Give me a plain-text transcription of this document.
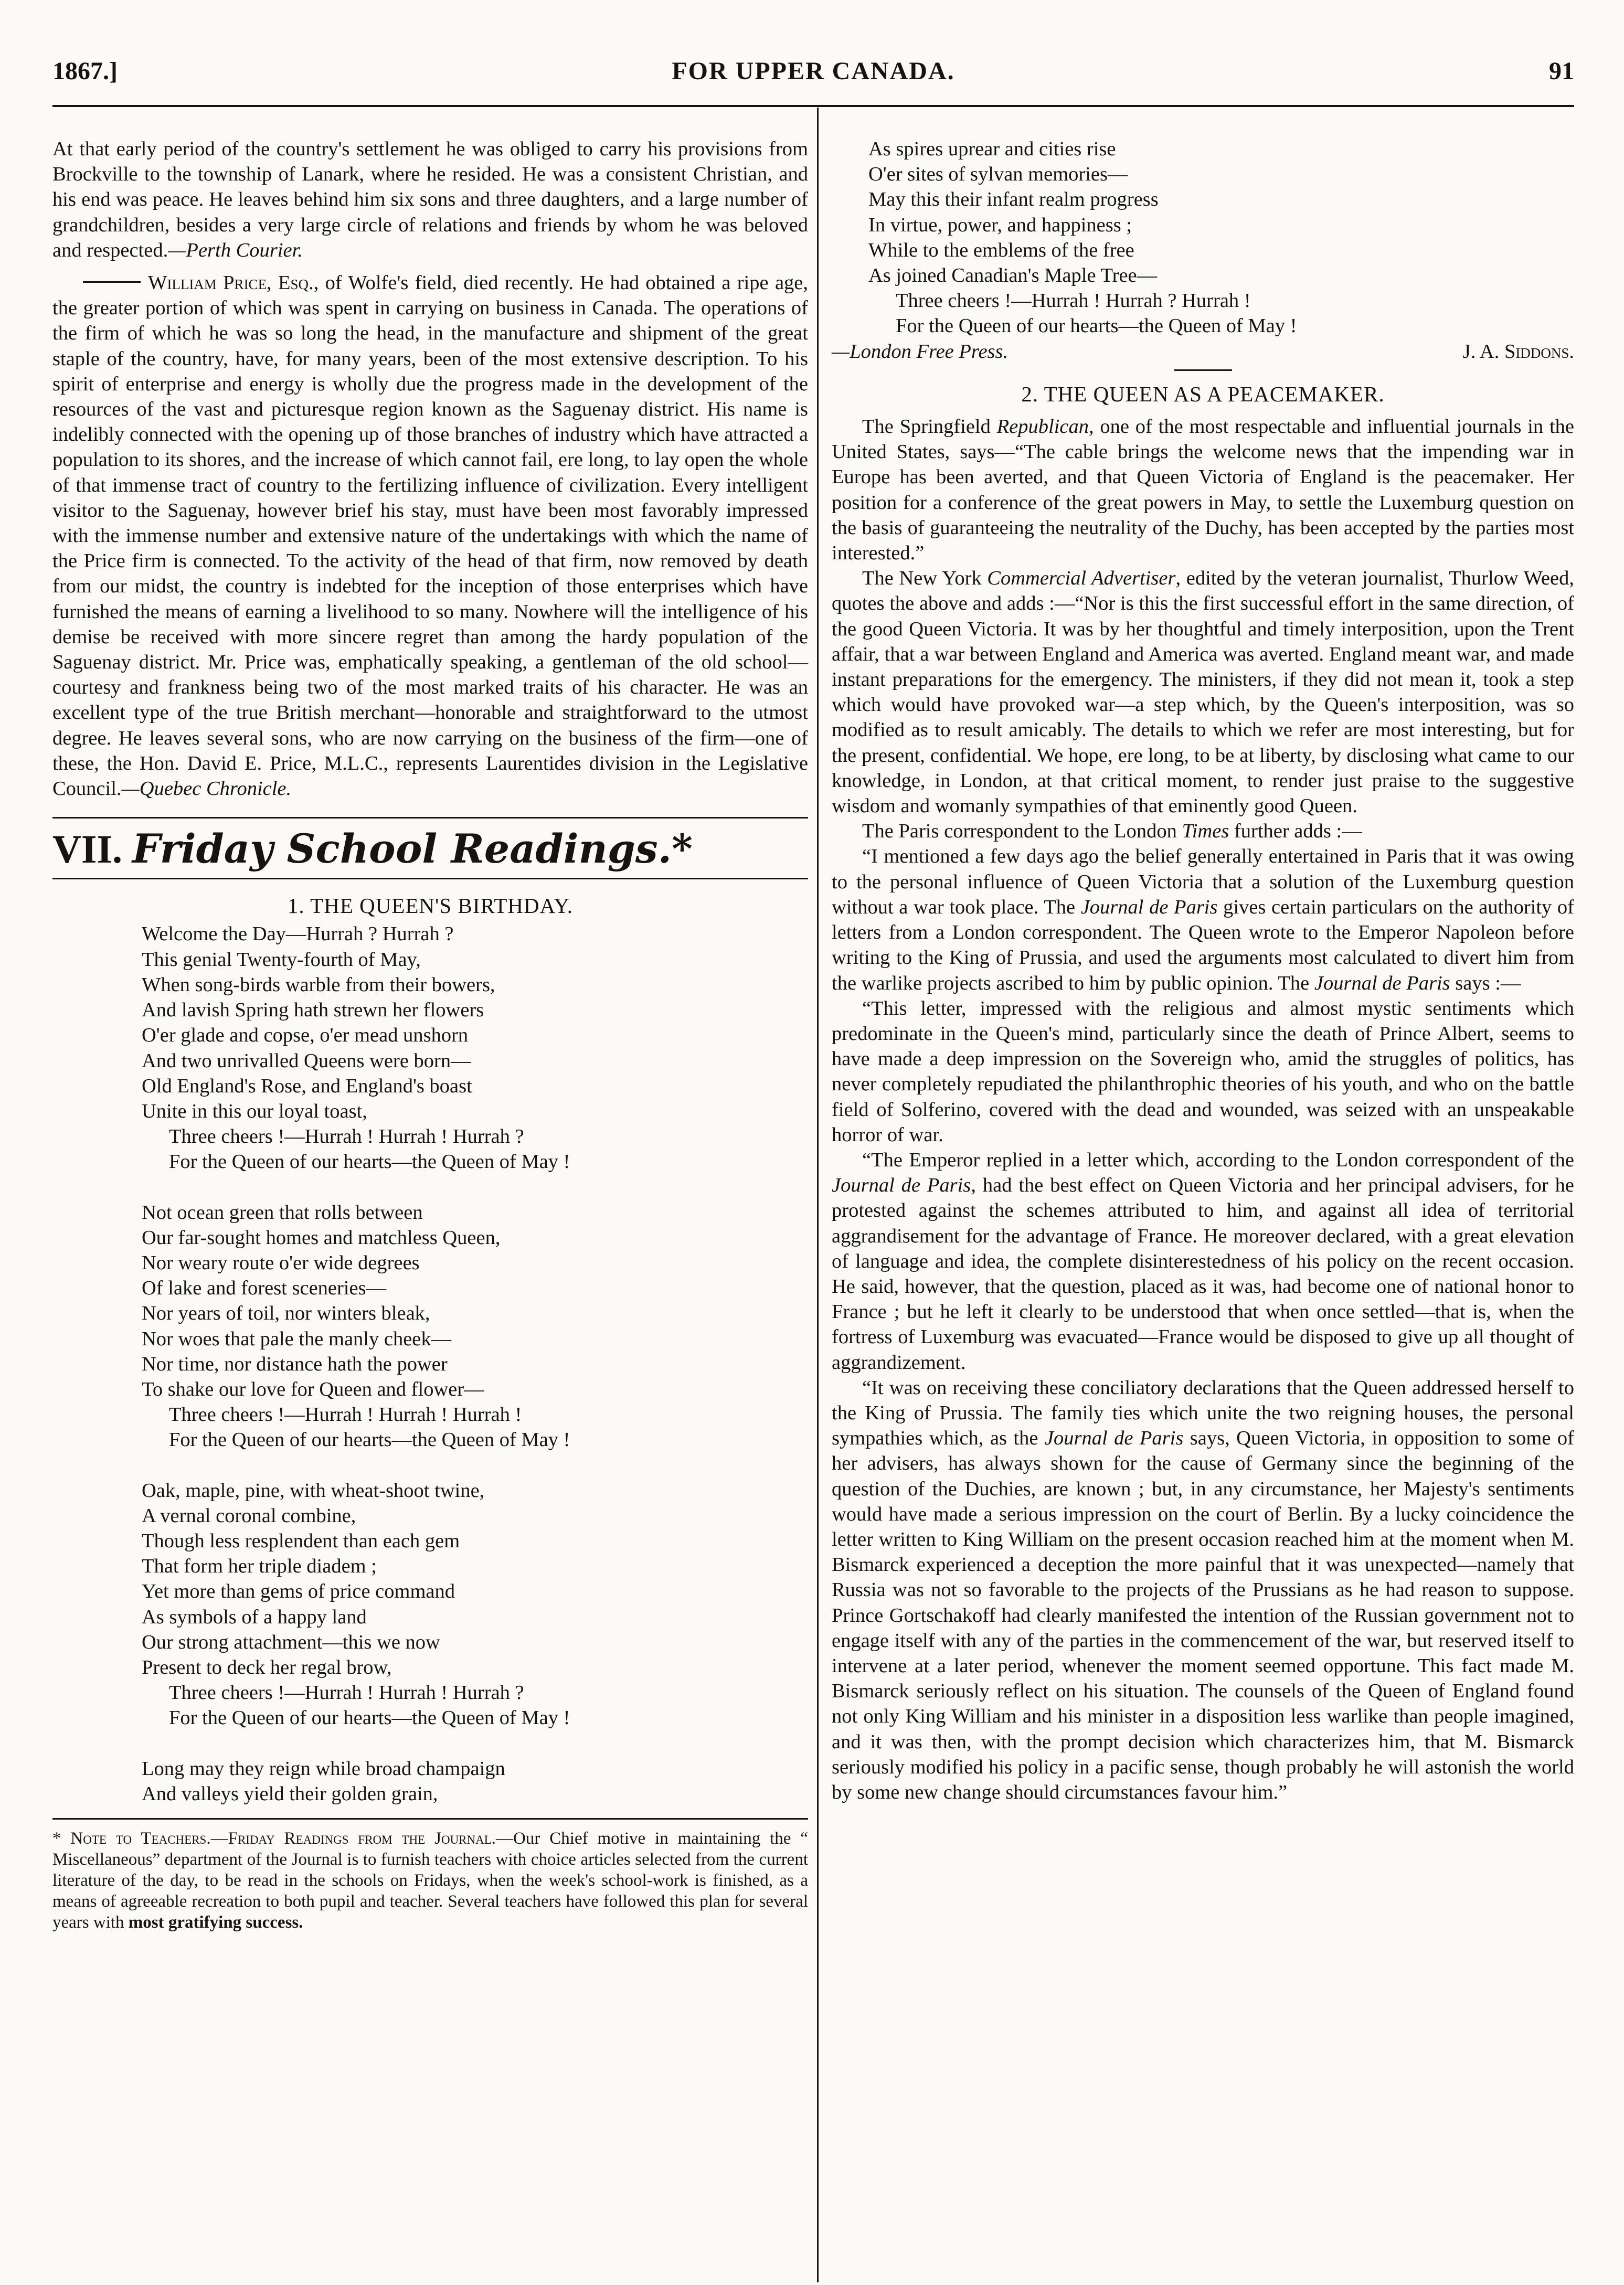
1867.]	FOR UPPER CANADA.	91

At that early period of the country's settlement he was obliged to carry his provisions from Brockville to the township of Lanark, where he resided. He was a consistent Christian, and his end was peace. He leaves behind him six sons and three daughters, and a large number of grandchildren, besides a very large circle of relations and friends by whom he was beloved and respected.—Perth Courier.

William Price, Esq., of Wolfe's field, died recently. He had obtained a ripe age, the greater portion of which was spent in carrying on business in Canada. The operations of the firm of which he was so long the head, in the manufacture and shipment of the great staple of the country, have, for many years, been of the most extensive description. To his spirit of enterprise and energy is wholly due the progress made in the development of the resources of the vast and picturesque region known as the Saguenay district. His name is indelibly connected with the opening up of those branches of industry which have attracted a population to its shores, and the increase of which cannot fail, ere long, to lay open the whole of that immense tract of country to the fertilizing influence of civilization. Every intelligent visitor to the Saguenay, however brief his stay, must have been most favorably impressed with the immense number and extensive nature of the undertakings with which the name of the Price firm is connected. To the activity of the head of that firm, now removed by death from our midst, the country is indebted for the inception of those enterprises which have furnished the means of earning a livelihood to so many. Nowhere will the intelligence of his demise be received with more sincere regret than among the hardy population of the Saguenay district. Mr. Price was, emphatically speaking, a gentleman of the old school—courtesy and frankness being two of the most marked traits of his character. He was an excellent type of the true British merchant—honorable and straightforward to the utmost degree. He leaves several sons, who are now carrying on the business of the firm—one of these, the Hon. David E. Price, M.L.C., represents Laurentides division in the Legislative Council.—Quebec Chronicle.

VII. Friday School Readings.*
1. THE QUEEN'S BIRTHDAY.
Welcome the Day—Hurrah ? Hurrah ?
This genial Twenty-fourth of May,
When song-birds warble from their bowers,
And lavish Spring hath strewn her flowers
O'er glade and copse, o'er mead unshorn
And two unrivalled Queens were born—
Old England's Rose, and England's boast
Unite in this our loyal toast,
Three cheers !—Hurrah ! Hurrah ! Hurrah ?
For the Queen of our hearts—the Queen of May !
Not ocean green that rolls between
Our far-sought homes and matchless Queen,
Nor weary route o'er wide degrees
Of lake and forest sceneries—
Nor years of toil, nor winters bleak,
Nor woes that pale the manly cheek—
Nor time, nor distance hath the power
To shake our love for Queen and flower—
Three cheers !—Hurrah ! Hurrah ! Hurrah !
For the Queen of our hearts—the Queen of May !
Oak, maple, pine, with wheat-shoot twine,
A vernal coronal combine,
Though less resplendent than each gem
That form her triple diadem ;
Yet more than gems of price command
As symbols of a happy land
Our strong attachment—this we now
Present to deck her regal brow,
Three cheers !—Hurrah ! Hurrah ! Hurrah ?
For the Queen of our hearts—the Queen of May !
Long may they reign while broad champaign
And valleys yield their golden grain,
* Note to Teachers.—Friday Readings from the Journal.—Our Chief motive in maintaining the “ Miscellaneous” department of the Journal is to furnish teachers with choice articles selected from the current literature of the day, to be read in the schools on Fridays, when the week's school-work is finished, as a means of agreeable recreation to both pupil and teacher. Several teachers have followed this plan for several years with most gratifying success.
As spires uprear and cities rise
O'er sites of sylvan memories—
May this their infant realm progress
In virtue, power, and happiness ;
While to the emblems of the free
As joined Canadian's Maple Tree—
Three cheers !—Hurrah ! Hurrah ? Hurrah !
For the Queen of our hearts—the Queen of May !
—London Free Press.	J. A. Siddons.
2. THE QUEEN AS A PEACEMAKER.

The Springfield Republican, one of the most respectable and influential journals in the United States, says—“The cable brings the welcome news that the impending war in Europe has been averted, and that Queen Victoria of England is the peacemaker. Her position for a conference of the great powers in May, to settle the Luxemburg question on the basis of guaranteeing the neutrality of the Duchy, has been accepted by the parties most interested.”

The New York Commercial Advertiser, edited by the veteran journalist, Thurlow Weed, quotes the above and adds :—“Nor is this the first successful effort in the same direction, of the good Queen Victoria. It was by her thoughtful and timely interposition, upon the Trent affair, that a war between England and America was averted. England meant war, and made instant preparations for the emergency. The ministers, if they did not mean it, took a step which would have provoked war—a step which, by the Queen's interposition, was so modified as to result amicably. The details to which we refer are most interesting, but for the present, confidential. We hope, ere long, to be at liberty, by disclosing what came to our knowledge, in London, at that critical moment, to render just praise to the suggestive wisdom and womanly sympathies of that eminently good Queen.

The Paris correspondent to the London Times further adds :—

“I mentioned a few days ago the belief generally entertained in Paris that it was owing to the personal influence of Queen Victoria that a solution of the Luxemburg question without a war took place. The Journal de Paris gives certain particulars on the authority of letters from a London correspondent. The Queen wrote to the Emperor Napoleon before writing to the King of Prussia, and used the arguments most calculated to divert him from the warlike projects ascribed to him by public opinion. The Journal de Paris says :—

“This letter, impressed with the religious and almost mystic sentiments which predominate in the Queen's mind, particularly since the death of Prince Albert, seems to have made a deep impression on the Sovereign who, amid the struggles of politics, has never completely repudiated the philanthrophic theories of his youth, and who on the battle field of Solferino, covered with the dead and wounded, was seized with an unspeakable horror of war.

“The Emperor replied in a letter which, according to the London correspondent of the Journal de Paris, had the best effect on Queen Victoria and her principal advisers, for he protested against the schemes attributed to him, and against all idea of territorial aggrandisement for the advantage of France. He moreover declared, with a great elevation of language and idea, the complete disinterestedness of his policy on the recent occasion. He said, however, that the question, placed as it was, had become one of national honor to France ; but he left it clearly to be understood that when once settled—that is, when the fortress of Luxemburg was evacuated—France would be disposed to give up all thought of aggrandizement.

“It was on receiving these conciliatory declarations that the Queen addressed herself to the King of Prussia. The family ties which unite the two reigning houses, the personal sympathies which, as the Journal de Paris says, Queen Victoria, in opposition to some of her advisers, has always shown for the cause of Germany since the beginning of the question of the Duchies, are known ; but, in any circumstance, her Majesty's sentiments would have made a serious impression on the court of Berlin. By a lucky coincidence the letter written to King William on the present occasion reached him at the moment when M. Bismarck experienced a deception the more painful that it was unexpected—namely that Russia was not so favorable to the projects of the Prussians as he had reason to suppose. Prince Gortschakoff had clearly manifested the intention of the Russian government not to engage itself with any of the parties in the commencement of the war, but reserved itself to intervene at a later period, whenever the moment seemed opportune. This fact made M. Bismarck seriously reflect on his situation. The counsels of the Queen of England found not only King William and his minister in a disposition less warlike than people imagined, and it was then, with the prompt decision which characterizes him, that M. Bismarck seriously modified his policy in a pacific sense, though probably he will astonish the world by some new change should circumstances favour him.”
